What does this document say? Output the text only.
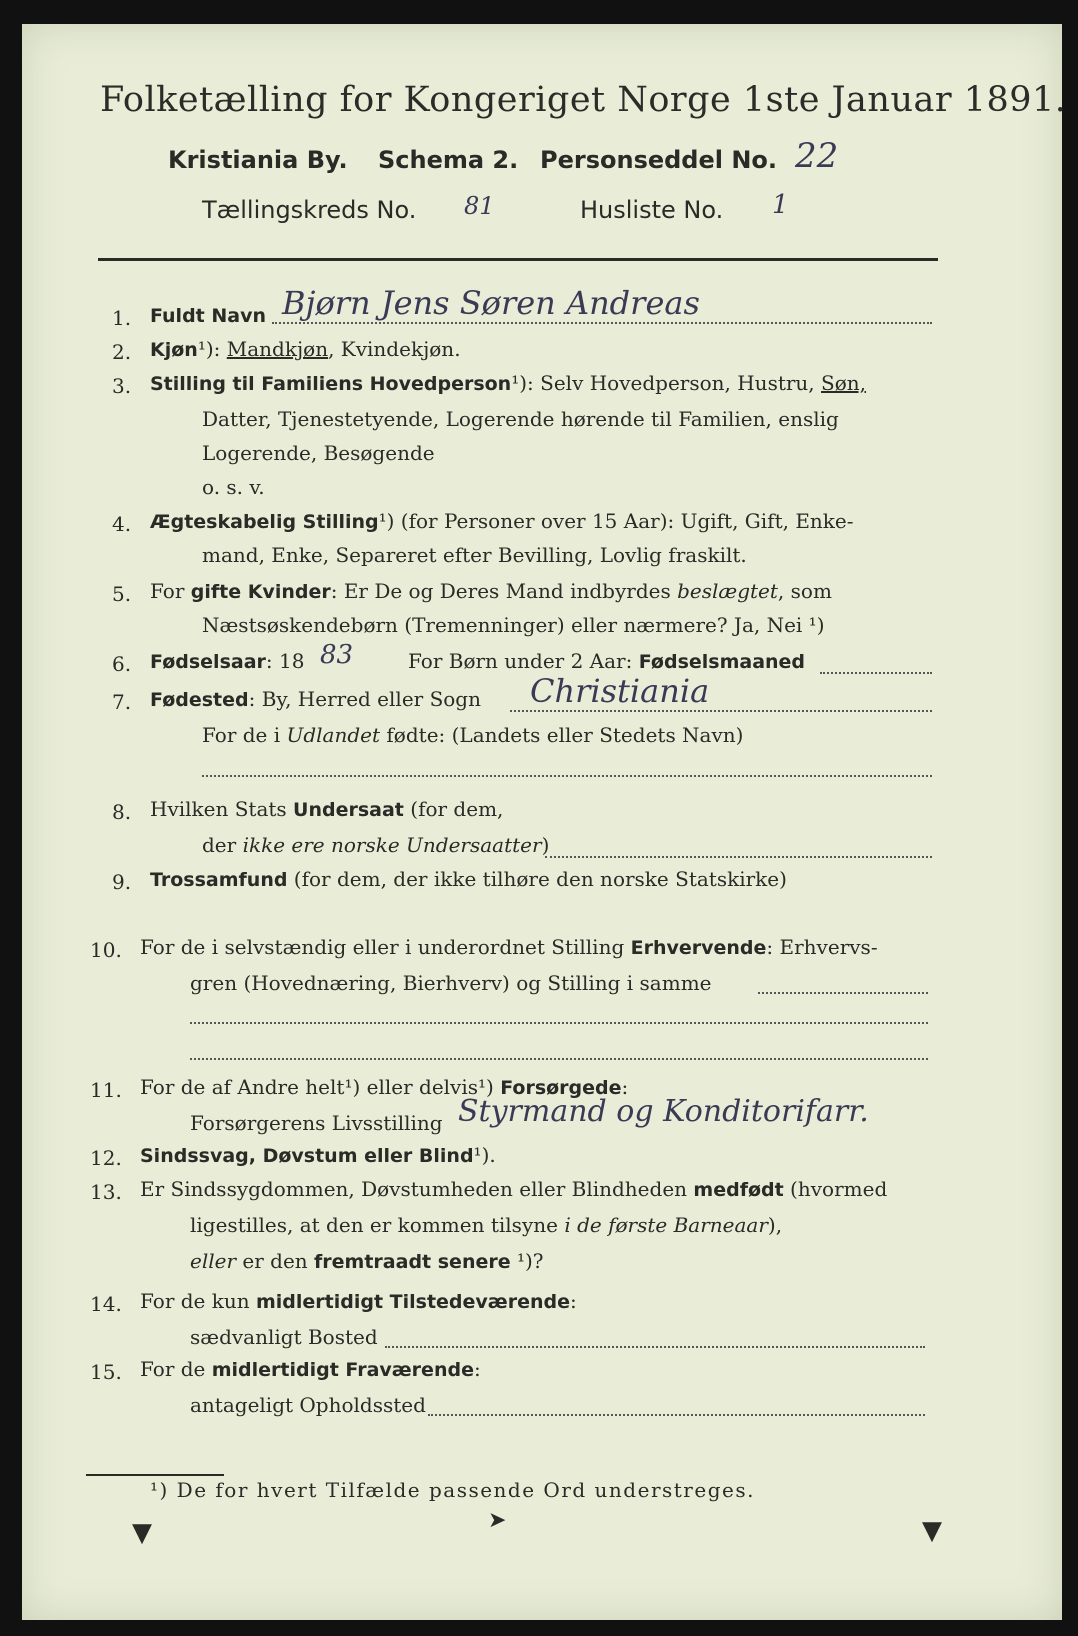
Folketælling for Kongeriget Norge 1ste Januar 1891.
Kristiania By. Schema 2. Personseddel No. 22
Tællingskreds No. 81	Husliste No. 1
1. Fuldt Navn Bjørn Jens Søren Andreas
2. Kjøn¹): Mandkjøn, Kvindekjøn.
3. Stilling til Familiens Hovedperson¹): Selv Hovedperson, Hustru, Søn,
Datter, Tjenestetyende, Logerende hørende til Familien, enslig
Logerende, Besøgende
o. s. v.
4. Ægteskabelig Stilling¹) (for Personer over 15 Aar): Ugift, Gift, Enke-
mand, Enke, Separeret efter Bevilling, Lovlig fraskilt.
5. For gifte Kvinder: Er De og Deres Mand indbyrdes beslægtet, som
Næstsøskendebørn (Tremenninger) eller nærmere? Ja, Nei ¹)
6. Fødselsaar: 18 83	For Børn under 2 Aar: Fødselsmaaned
7. Fødested: By, Herred eller Sogn Christiania
For de i Udlandet fødte: (Landets eller Stedets Navn)
8. Hvilken Stats Undersaat (for dem,
der ikke ere norske Undersaatter)
9. Trossamfund (for dem, der ikke tilhøre den norske Statskirke)
10. For de i selvstændig eller i underordnet Stilling Erhvervende: Erhvervs-
gren (Hovednæring, Bierhverv) og Stilling i samme
11. For de af Andre helt¹) eller delvis¹) Forsørgede:
Forsørgerens Livsstilling Styrmand og Konditorifarr.
12. Sindssvag, Døvstum eller Blind¹).
13. Er Sindssygdommen, Døvstumheden eller Blindheden medfødt (hvormed
ligestilles, at den er kommen tilsyne i de første Barneaar),
eller er den fremtraadt senere ¹)?
14. For de kun midlertidigt Tilstedeværende:
sædvanligt Bosted
15. For de midlertidigt Fraværende:
antageligt Opholdssted
¹) De for hvert Tilfælde passende Ord understreges.
▼	➤	▼
